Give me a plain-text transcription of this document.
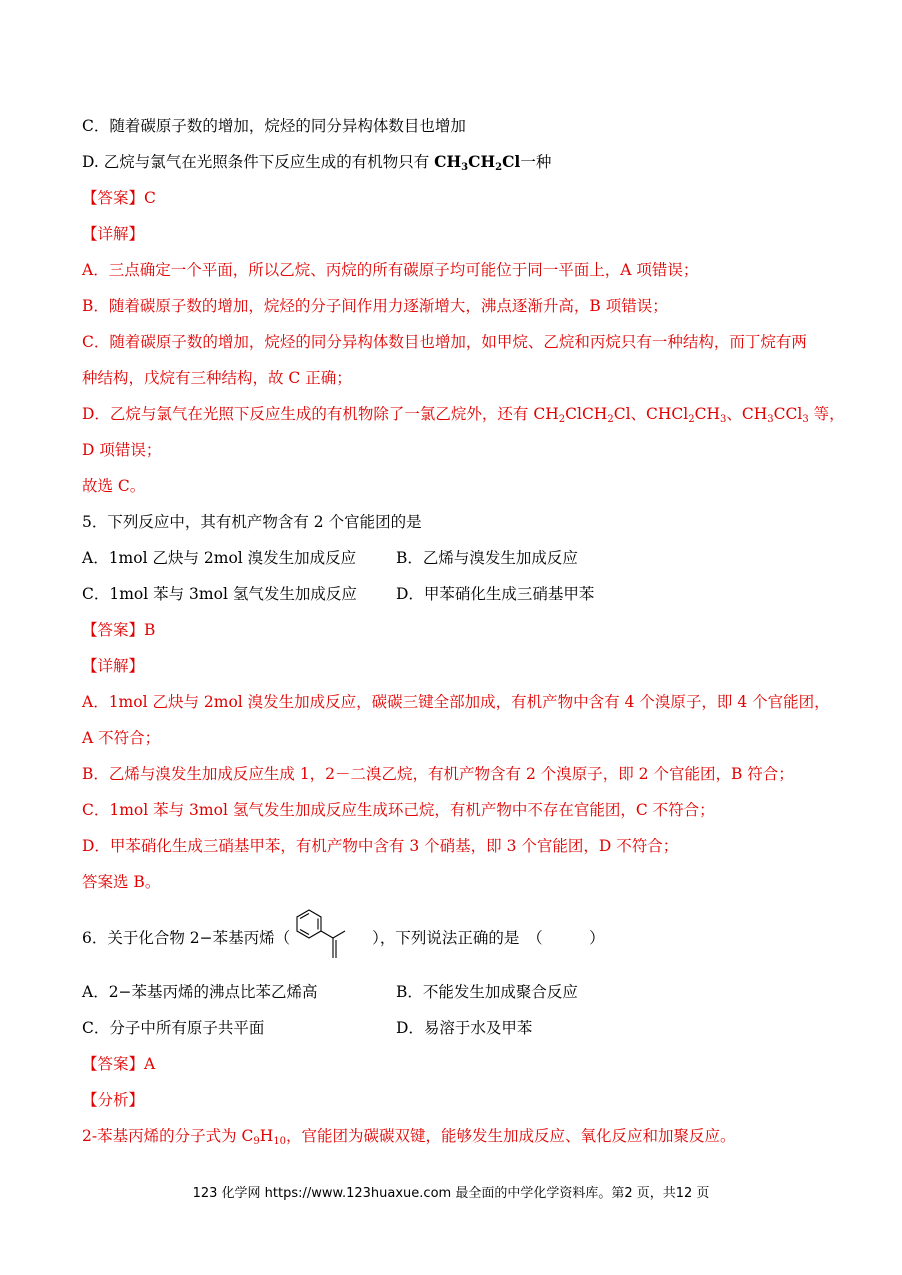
C．随着碳原子数的增加，烷烃的同分异构体数目也增加
D. 乙烷与氯气在光照条件下反应生成的有机物只有 $CH_3CH_2Cl$一种
【答案】C
【详解】
A．三点确定一个平面，所以乙烷、丙烷的所有碳原子均可能位于同一平面上，A 项错误；
B．随着碳原子数的增加，烷烃的分子间作用力逐渐增大，沸点逐渐升高，B 项错误；
C．随着碳原子数的增加，烷烃的同分异构体数目也增加，如甲烷、乙烷和丙烷只有一种结构，而丁烷有两
种结构，戊烷有三种结构，故 C 正确；
D．乙烷与氯气在光照下反应生成的有机物除了一氯乙烷外，还有 $CH_2ClCH_2Cl$、$CHCl_2CH_3$、$CH_3CCl_3$ 等，
D 项错误；
故选 C。
5．下列反应中，其有机产物含有 2 个官能团的是
A．1mol 乙炔与 2mol 溴发生加成反应	B．乙烯与溴发生加成反应
C．1mol 苯与 3mol 氢气发生加成反应	D．甲苯硝化生成三硝基甲苯
【答案】B
【详解】
A．1mol 乙炔与 2mol 溴发生加成反应，碳碳三键全部加成，有机产物中含有 4 个溴原子，即 4 个官能团，
A 不符合；
B．乙烯与溴发生加成反应生成 1，2－二溴乙烷，有机产物含有 2 个溴原子，即 2 个官能团，B 符合；
C．1mol 苯与 3mol 氢气发生加成反应生成环己烷，有机产物中不存在官能团，C 不符合；
D．甲苯硝化生成三硝基甲苯，有机产物中含有 3 个硝基，即 3 个官能团，D 不符合；
答案选 B。
6．关于化合物 2−苯基丙烯（	），下列说法正确的是　（　　　）
A．2−苯基丙烯的沸点比苯乙烯高	B．不能发生加成聚合反应
C．分子中所有原子共平面	D．易溶于水及甲苯
【答案】A
【分析】
2-苯基丙烯的分子式为 $C_9H_{10}$，官能团为碳碳双键，能够发生加成反应、氧化反应和加聚反应。
123 化学网 https://www.123huaxue.com 最全面的中学化学资料库。第2 页，共12 页
